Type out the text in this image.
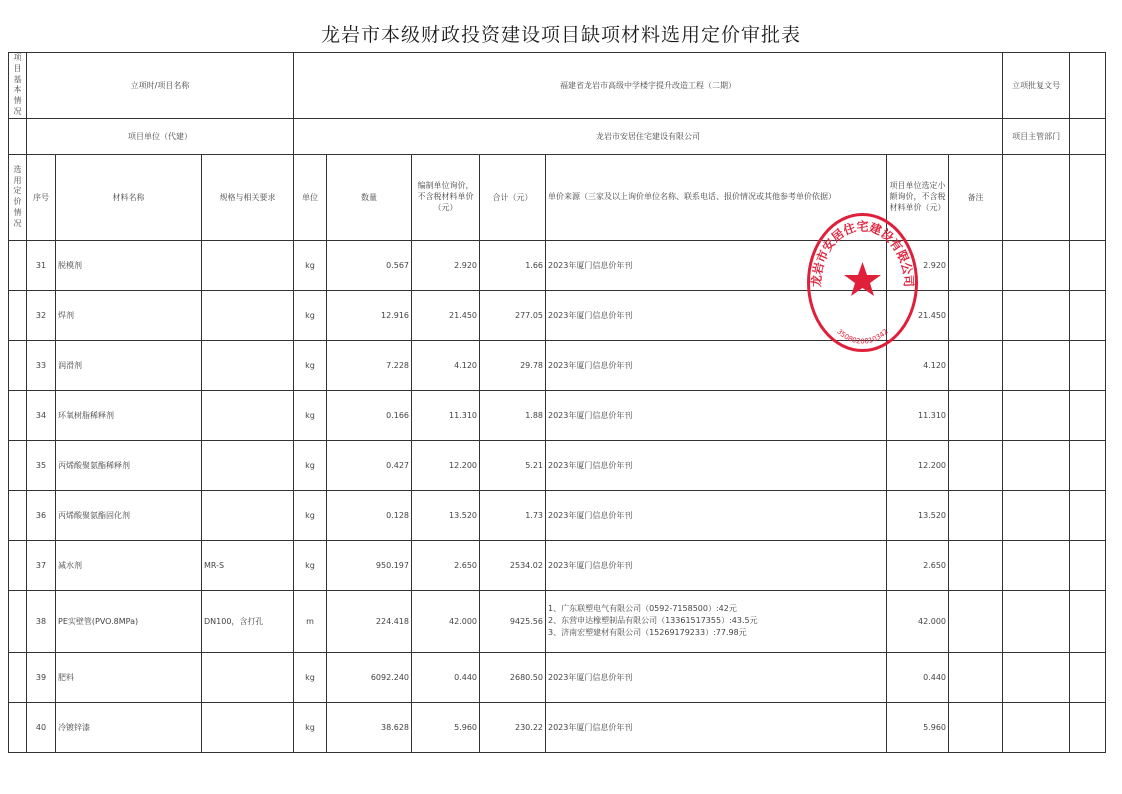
龙岩市本级财政投资建设项目缺项材料选用定价审批表
项目基本情况	立项时/项目名称			福建省龙岩市高级中学楼宇提升改造工程（二期）							立项批复文号	
	项目单位（代建）			龙岩市安居住宅建设有限公司							项目主管部门	
选用定价情况	序号	材料名称	规格与相关要求	单位	数量	编制单位询价，不含税材料单价（元）	合计（元）	单价来源（三家及以上询价单位名称、联系电话、报价情况或其他参考单价依据）	项目单位选定小额询价，不含税材料单价（元）	备注		
	31	脱模剂		kg	0.567	2.920	1.66	2023年厦门信息价年刊	2.920			
	32	焊剂		kg	12.916	21.450	277.05	2023年厦门信息价年刊	21.450			
	33	润滑剂		kg	7.228	4.120	29.78	2023年厦门信息价年刊	4.120			
	34	环氧树脂稀释剂		kg	0.166	11.310	1.88	2023年厦门信息价年刊	11.310			
	35	丙烯酸聚氨酯稀释剂		kg	0.427	12.200	5.21	2023年厦门信息价年刊	12.200			
	36	丙烯酸聚氨酯固化剂		kg	0.128	13.520	1.73	2023年厦门信息价年刊	13.520			
	37	减水剂	MR-S	kg	950.197	2.650	2534.02	2023年厦门信息价年刊	2.650			
	38	PE实壁管(PVO.8MPa)	DN100，含打孔	m	224.418	42.000	9425.56	1、广东联塑电气有限公司（0592-7158500）:42元
2、东营申达橡塑制品有限公司（13361517355）:43.5元
3、济南宏塑建材有限公司（15269179233）:77.98元	42.000			
	39	肥料		kg	6092.240	0.440	2680.50	2023年厦门信息价年刊	0.440			
	40	冷镀锌漆		kg	38.628	5.960	230.22	2023年厦门信息价年刊	5.960			
龙岩市安居住宅建设有限公司
3508020010342
